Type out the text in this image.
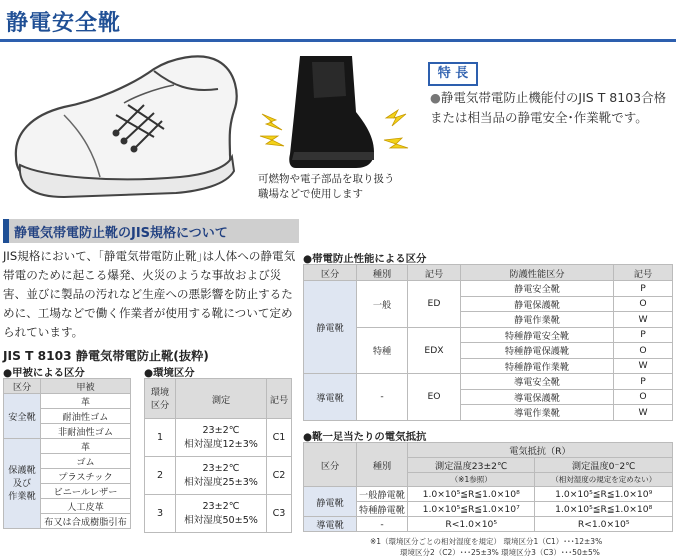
静電安全靴
可燃物や電子部品を取り扱う
職場などで使用します
特 長
●静電気帯電防止機能付のJIS T 8103合格または相当品の静電安全･作業靴です。
静電気帯電防止靴のJIS規格について
JIS規格において、｢静電気帯電防止靴｣は人体への静電気帯電のために起こる爆発、火災のような事故および災害、並びに製品の汚れなど生産への悪影響を防止するために、工場などで働く作業者が使用する靴について定められています。
JIS T 8103 静電気帯電防止靴(抜粋)
●甲被による区分
区分	甲被
安全靴	革
	耐油性ゴム
	非耐油性ゴム
保護靴
及び
作業靴	革
	ゴム
	プラスチック
	ビニールレザー
	人工皮革
	布又は合成樹脂引布
●環境区分
環境
区分	測定	記号
1	23±2℃
相対湿度12±3%	C1
2	23±2℃
相対湿度25±3%	C2
3	23±2℃
相対湿度50±5%	C3
●帯電防止性能による区分
区分	種別	記号	防護性能区分	記号
静電靴	一般	ED	静電安全靴	P
			静電保護靴	O
			静電作業靴	W
	特種	EDX	特種静電安全靴	P
			特種静電保護靴	O
			特種静電作業靴	W
導電靴	-	EO	導電安全靴	P
			導電保護靴	O
			導電作業靴	W
●靴一足当たりの電気抵抗
区分	種別	電気抵抗（R）	
		測定温度23±2℃	測定温度0⁻2℃
		（※1参照）	（相対湿度の規定を定めない）
静電靴	一般静電靴	1.0×10⁵≦R≦1.0×10⁸	1.0×10⁵≦R≦1.0×10⁹
	特種静電靴	1.0×10⁵≦R≦1.0×10⁷	1.0×10⁵≦R≦1.0×10⁸
導電靴	-	R<1.0×10⁵	R<1.0×10⁵
※1（環境区分ごとの相対湿度を規定） 環境区分1（C1）･･･12±3%
環境区分2（C2）･･･25±3% 環境区分3（C3）･･･50±5%
